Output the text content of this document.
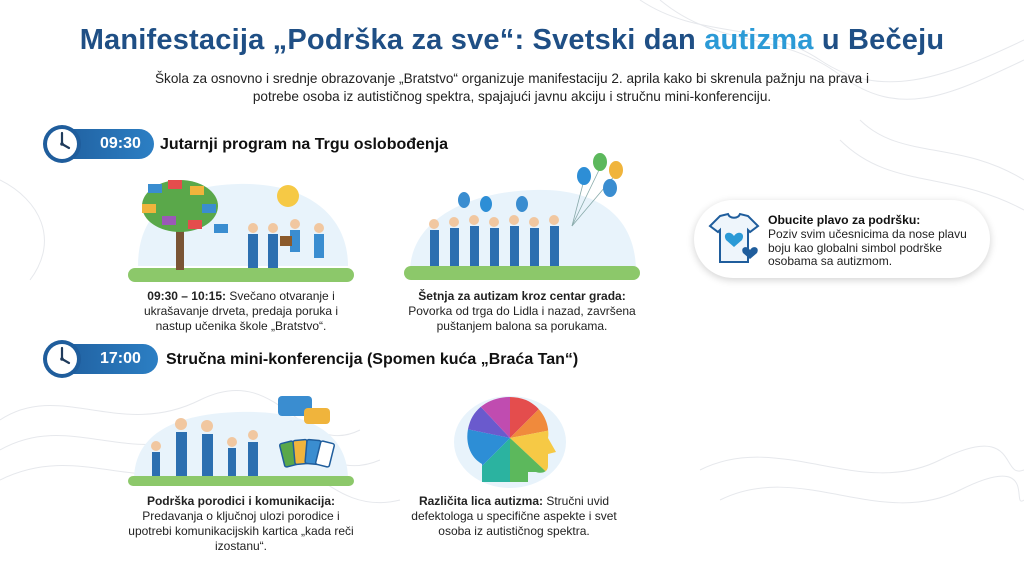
Manifestacija „Podrška za sve“: Svetski dan autizma u Bečeju
Škola za osnovno i srednje obrazovanje „Bratstvo“ organizuje manifestaciju 2. aprila kako bi skrenula pažnju na prava i potrebe osoba iz autističnog spektra, spajajući javnu akciju i stručnu mini-konferenciju.
09:30	Jutarnji program na Trgu oslobođenja
09:30 – 10:15: Svečano otvaranje i ukrašavanje drveta, predaja poruka i nastup učenika škole „Bratstvo“.
Šetnja za autizam kroz centar grada: Povorka od trga do Lidla i nazad, završena puštanjem balona sa porukama.
Obucite plavo za podršku:
Poziv svim učesnicima da nose plavu boju kao globalni simbol podrške osobama sa autizmom.
17:00	Stručna mini-konferencija (Spomen kuća „Braća Tan“)
Podrška porodici i komunikacija: Predavanja o ključnoj ulozi porodice i upotrebi komunikacijskih kartica „kada reči izostanu“.
Različita lica autizma: Stručni uvid defektologa u specifične aspekte i svet osoba iz autističnog spektra.
